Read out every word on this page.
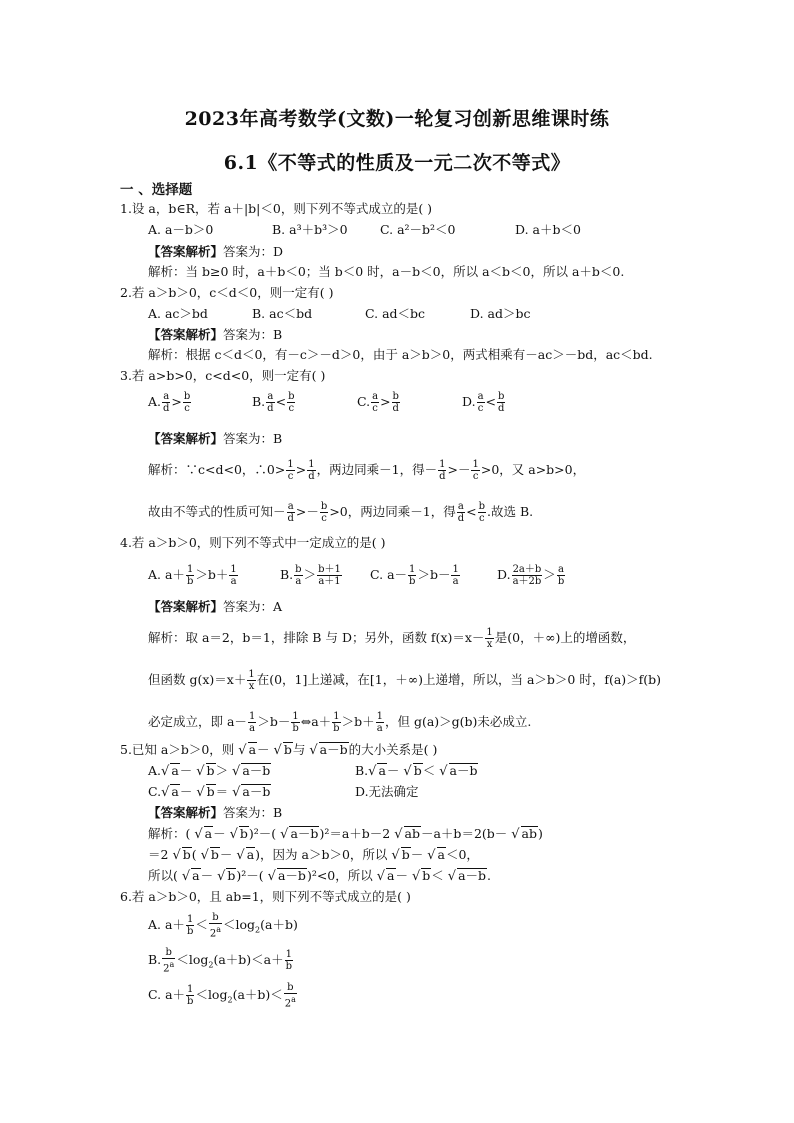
2023年高考数学(文数)一轮复习创新思维课时练
6.1《不等式的性质及一元二次不等式》
一 、选择题
1.设 a，b∈R，若 a＋|b|＜0，则下列不等式成立的是( )
A. a－b＞0	B. a³＋b³＞0	C. a²－b²＜0	D. a＋b＜0
【答案解析】答案为：D
解析：当 b≥0 时，a＋b＜0；当 b＜0 时，a－b＜0，所以 a＜b＜0，所以 a＋b＜0.
2.若 a＞b＞0，c＜d＜0，则一定有( )
A. ac＞bd	B. ac＜bd	C. ad＜bc	D. ad＞bc
【答案解析】答案为：B
解析：根据 c＜d＜0，有－c＞－d＞0，由于 a＞b＞0，两式相乘有－ac＞－bd，ac＜bd.
3.若 a>b>0，c<d<0，则一定有( )
A. $\frac{a}{d} > \frac{b}{c}$	B. $\frac{a}{d} < \frac{b}{c}$	C. $\frac{a}{c} > \frac{b}{d}$	D. $\frac{a}{c} < \frac{b}{d}$
【答案解析】答案为：B
解析：∵c<d<0，∴0> $\frac{1}{c} > \frac{1}{d}$ ，两边同乘－1，得－ $\frac{1}{d} >- \frac{1}{c} >0$，又 a>b>0，
故由不等式的性质可知－ $\frac{a}{d} >- \frac{b}{c} >0$，两边同乘－1，得 $\frac{a}{d} < \frac{b}{c}$ .故选 B.
4.若 a＞b＞0，则下列不等式中一定成立的是( )
A. $a+ \frac{1}{b} >b+ \frac{1}{a}$	B. $\frac{b}{a} > \frac{b+1}{a+1} C$. $a- \frac{1}{b} >b- \frac{1}{a}$	D. $\frac{2a+b}{a+2b} > \frac{a}{b}$
【答案解析】答案为：A
解析：取 a＝2，b＝1，排除 B 与 D；另外，函数 $f(x)=x- \frac{1}{x}$ 是(0，＋∞)上的增函数，
但函数 $g(x)=x+ \frac{1}{x}$ 在(0，1]上递减，在[1，＋∞)上递增，所以，当 a＞b＞0 时，f(a)＞f(b)
必定成立，即 $a- \frac{1}{a} >b- \frac{1}{b}$ ⇔a＋ $\frac{1}{b} >b+ \frac{1}{a}$ ，但 g(a)＞g(b)未必成立.
5.已知 a＞b＞0，则 √ a－ √ b与 √ a－b的大小关系是( )
A.√ a－ √ b＞ √ a－b	B.√ a－ √ b＜ √ a－b
C.√ a－ √ b＝ √ a－b	D.无法确定
【答案解析】答案为：B
解析：( √ a－ √ b)²－( √ a－b)²＝a＋b－2 √ ab－a＋b＝2(b－ √ ab)
＝2 √ b( √ b－ √ a)，因为 a＞b＞0，所以 √ b－ √ a＜0，
所以( √ a－ √ b)²－( √ a－b)²<0，所以 √ a－ √ b＜ √ a－b.
6.若 a＞b＞0，且 ab=1，则下列不等式成立的是( )
A. $a+ \frac{1}{b} < \frac{b}{2^a} <\log_2(a+b)$
B. $\frac{b}{2^a} <\log_2(a+b)<a+ \frac{1}{b}$
C. $a+ \frac{1}{b} <\log_2(a+b)< \frac{b}{2^a}$
